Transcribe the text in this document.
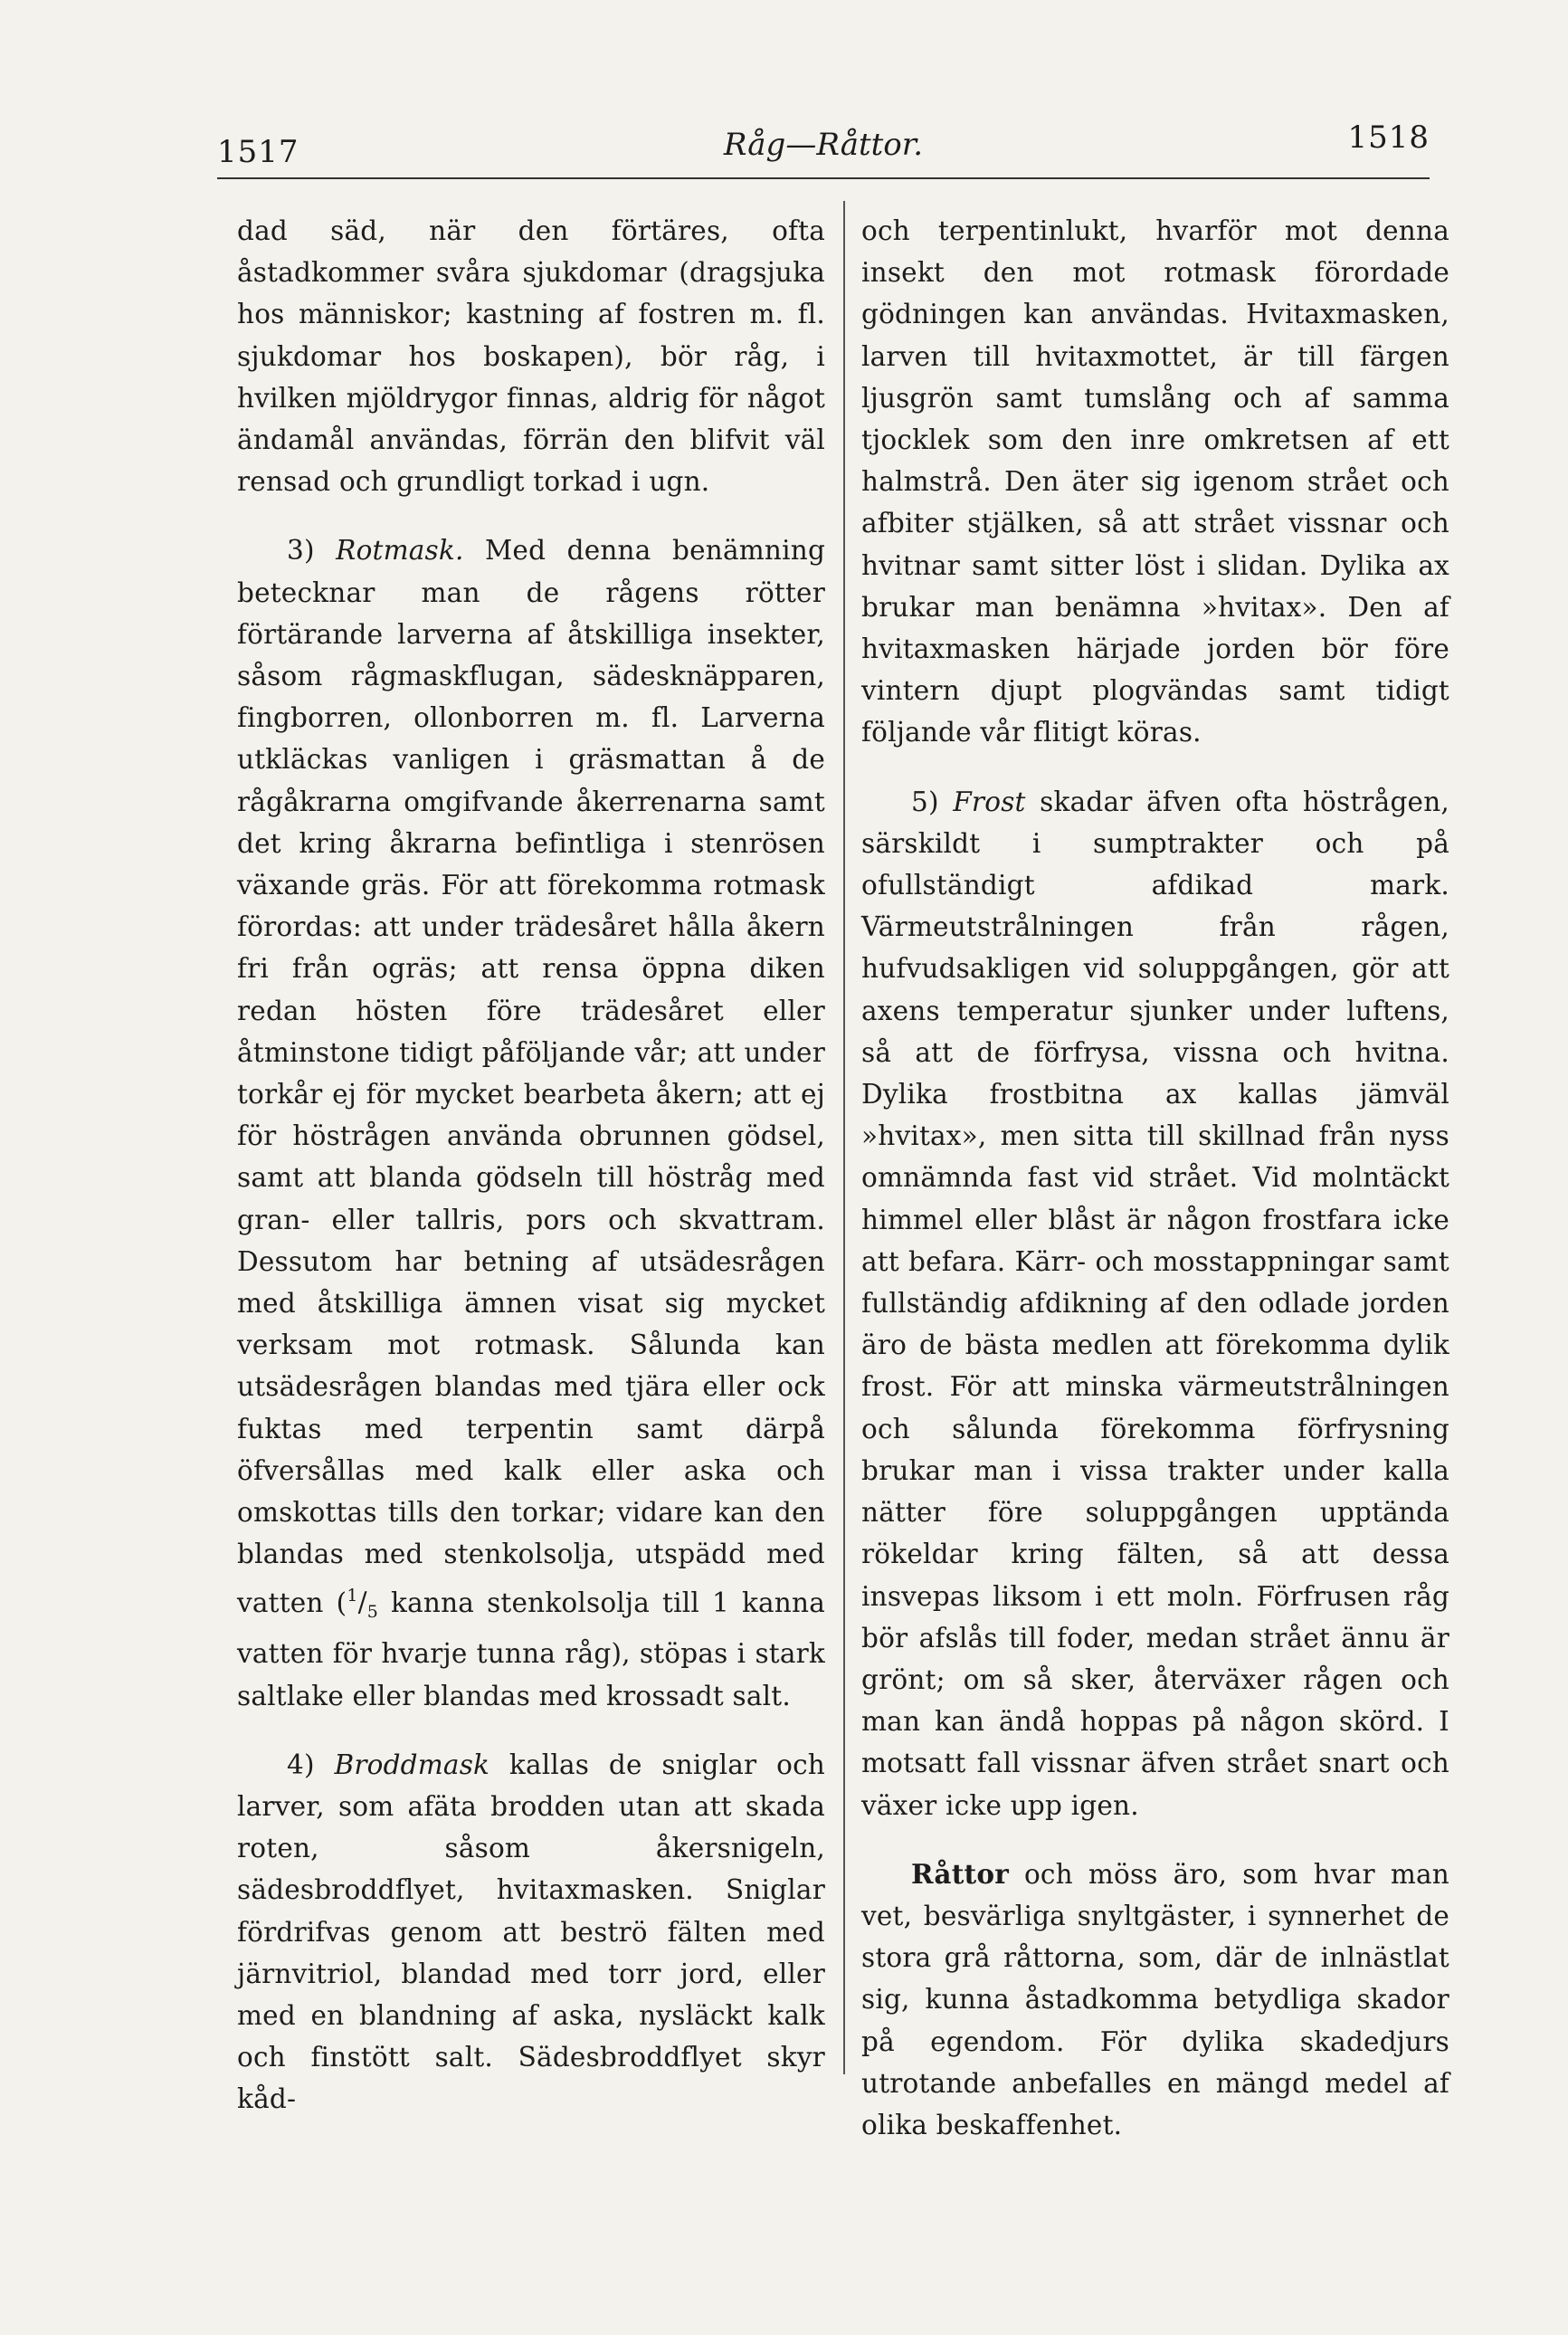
1517	Råg—Råttor.	1518

dad säd, när den förtäres, ofta åstadkommer svåra sjukdomar (dragsjuka hos människor; kastning af fostren m. fl. sjukdomar hos boskapen), bör råg, i hvilken mjöldrygor finnas, aldrig för något ändamål användas, förrän den blifvit väl rensad och grundligt torkad i ugn.

3) Rotmask. Med denna benämning betecknar man de rågens rötter förtärande larverna af åtskilliga insekter, såsom rågmaskflugan, sädesknäpparen, fingborren, ollonborren m. fl. Larverna utkläckas vanligen i gräsmattan å de rågåkrarna omgifvande åkerrenarna samt det kring åkrarna befintliga i stenrösen växande gräs. För att förekomma rotmask förordas: att under trädesåret hålla åkern fri från ogräs; att rensa öppna diken redan hösten före trädesåret eller åtminstone tidigt påföljande vår; att under torkår ej för mycket bearbeta åkern; att ej för höstrågen använda obrunnen gödsel, samt att blanda gödseln till höstråg med gran- eller tallris, pors och skvattram. Dessutom har betning af utsädesrågen med åtskilliga ämnen visat sig mycket verksam mot rotmask. Sålunda kan utsädesrågen blandas med tjära eller ock fuktas med terpentin samt därpå öfversållas med kalk eller aska och omskottas tills den torkar; vidare kan den blandas med stenkolsolja, utspädd med vatten ($^1/_5$ kanna stenkolsolja till 1 kanna vatten för hvarje tunna råg), stöpas i stark saltlake eller blandas med krossadt salt.

4) Broddmask kallas de sniglar och larver, som afäta brodden utan att skada roten, såsom åkersnigeln, sädesbroddflyet, hvitaxmasken. Sniglar fördrifvas genom att beströ fälten med järnvitriol, blandad med torr jord, eller med en blandning af aska, nysläckt kalk och finstött salt. Sädesbroddflyet skyr kåd-

och terpentinlukt, hvarför mot denna insekt den mot rotmask förordade gödningen kan användas. Hvitaxmasken, larven till hvitaxmottet, är till färgen ljusgrön samt tumslång och af samma tjocklek som den inre omkretsen af ett halmstrå. Den äter sig igenom strået och afbiter stjälken, så att strået vissnar och hvitnar samt sitter löst i slidan. Dylika ax brukar man benämna »hvitax». Den af hvitaxmasken härjade jorden bör före vintern djupt plogvändas samt tidigt följande vår flitigt köras.

5) Frost skadar äfven ofta höstrågen, särskildt i sumptrakter och på ofullständigt afdikad mark. Värmeutstrålningen från rågen, hufvudsakligen vid soluppgången, gör att axens temperatur sjunker under luftens, så att de förfrysa, vissna och hvitna. Dylika frostbitna ax kallas jämväl »hvitax», men sitta till skillnad från nyss omnämnda fast vid strået. Vid molntäckt himmel eller blåst är någon frostfara icke att befara. Kärr- och mosstappningar samt fullständig afdikning af den odlade jorden äro de bästa medlen att förekomma dylik frost. För att minska värmeutstrålningen och sålunda förekomma förfrysning brukar man i vissa trakter under kalla nätter före soluppgången upptända rökeldar kring fälten, så att dessa insvepas liksom i ett moln. Förfrusen råg bör afslås till foder, medan strået ännu är grönt; om så sker, återväxer rågen och man kan ändå hoppas på någon skörd. I motsatt fall vissnar äfven strået snart och växer icke upp igen.

Råttor och möss äro, som hvar man vet, besvärliga snyltgäster, i synnerhet de stora grå råttorna, som, där de inlnästlat sig, kunna åstadkomma betydliga skador på egendom. För dylika skadedjurs utrotande anbefalles en mängd medel af olika beskaffenhet.
